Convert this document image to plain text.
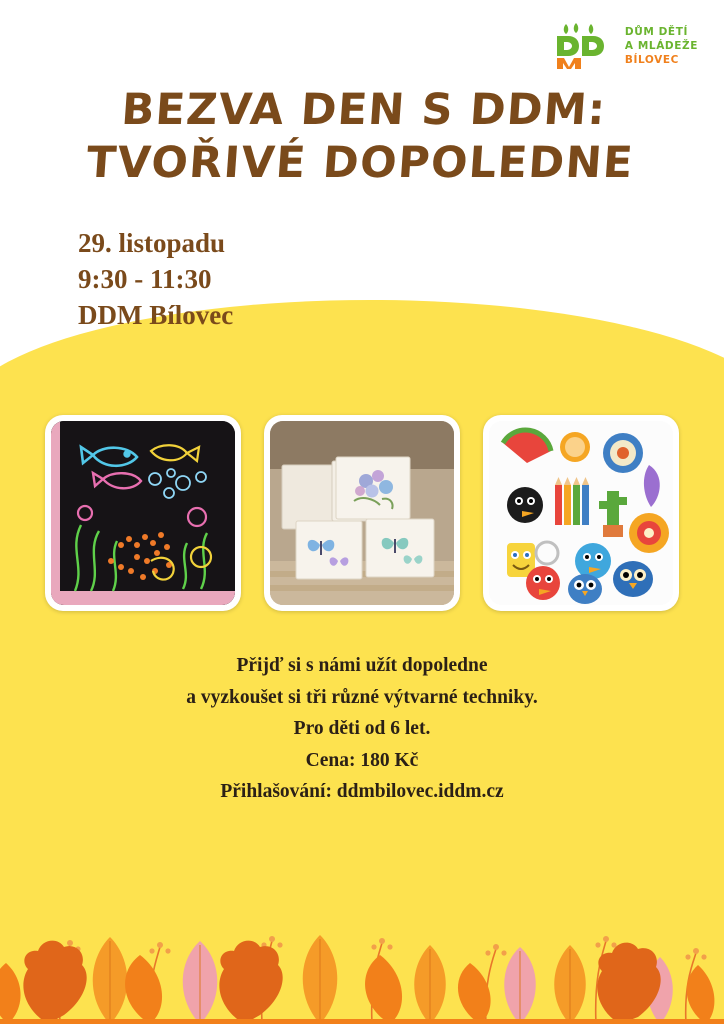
DŮM DĚTÍ
A MLÁDEŽE
BÍLOVEC
BEZVA DEN S DDM:
TVOŘIVÉ DOPOLEDNE
29. listopadu
9:30 - 11:30
DDM Bílovec
Přijď si s námi užít dopoledne
a vyzkoušet si tři různé výtvarné techniky.
Pro děti od 6 let.
Cena: 180 Kč
Přihlašování: ddmbilovec.iddm.cz
